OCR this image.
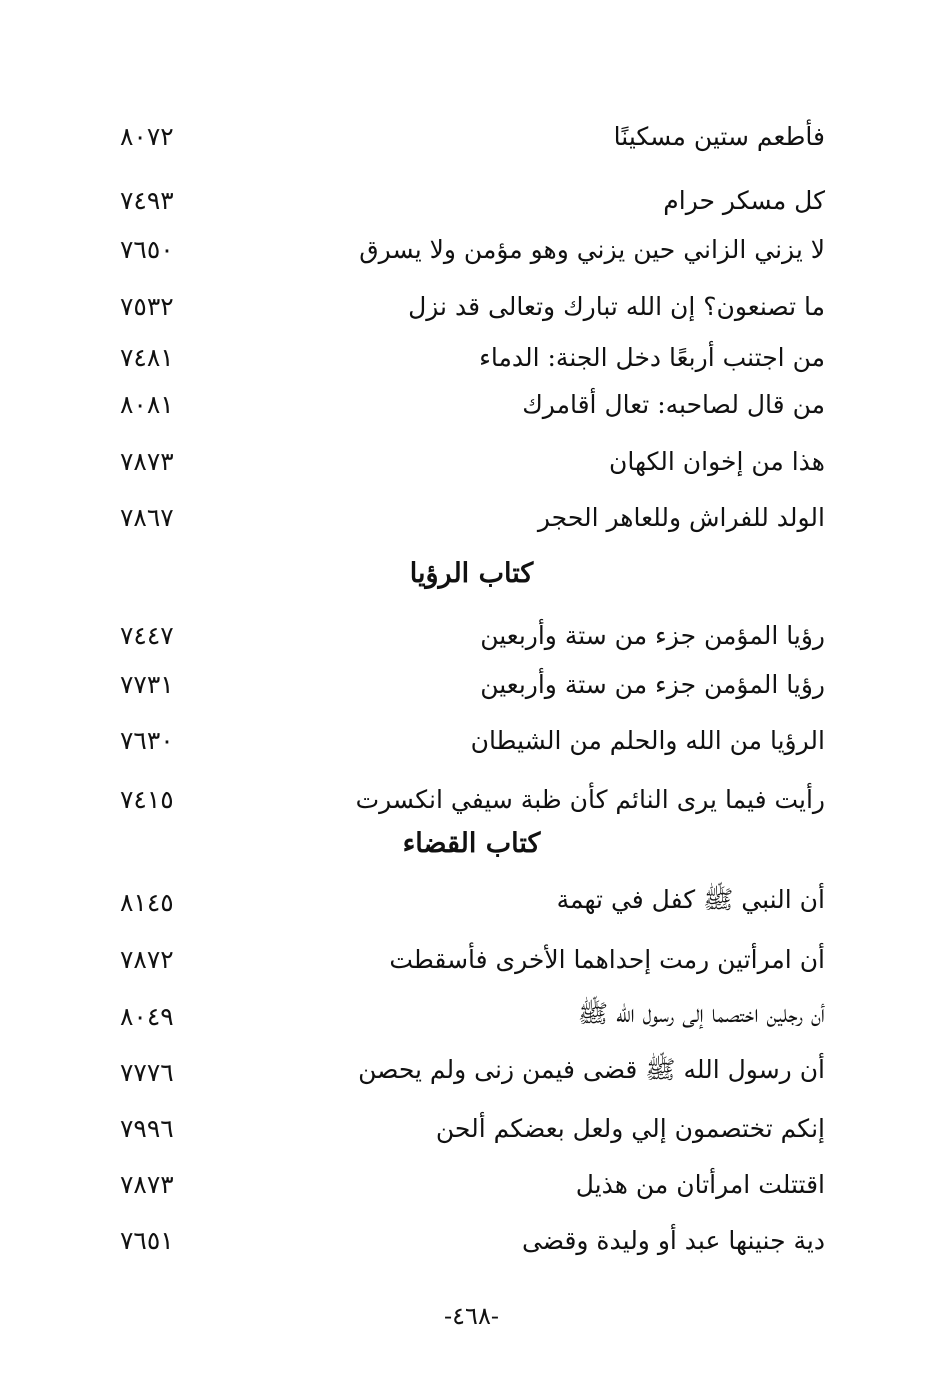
فأطعم ستين مسكينًا
٨٠٧٢
كل مسكر حرام
٧٤٩٣
لا يزني الزاني حين يزني وهو مؤمن ولا يسرق
٧٦٥٠
ما تصنعون؟ إن الله تبارك وتعالى قد نزل
٧٥٣٢
من اجتنب أربعًا دخل الجنة: الدماء
٧٤٨١
من قال لصاحبه: تعال أقامرك
٨٠٨١
هذا من إخوان الكهان
٧٨٧٣
الولد للفراش وللعاهر الحجر
٧٨٦٧
كتاب الرؤيا
رؤيا المؤمن جزء من ستة وأربعين
٧٤٤٧
رؤيا المؤمن جزء من ستة وأربعين
٧٧٣١
الرؤيا من الله والحلم من الشيطان
٧٦٣٠
رأيت فيما يرى النائم كأن ظبة سيفي انكسرت
٧٤١٥
كتاب القضاء
أن النبي ﷺ كفل في تهمة
٨١٤٥
أن امرأتين رمت إحداهما الأخرى فأسقطت
٧٨٧٢
أن رجلين اختصما إلى رسول الله ﷺ
٨٠٤٩
أن رسول الله ﷺ قضى فيمن زنى ولم يحصن
٧٧٧٦
إنكم تختصمون إلي ولعل بعضكم ألحن
٧٩٩٦
اقتتلت امرأتان من هذيل
٧٨٧٣
دية جنينها عبد أو وليدة وقضى
٧٦٥١
-٤٦٨-
